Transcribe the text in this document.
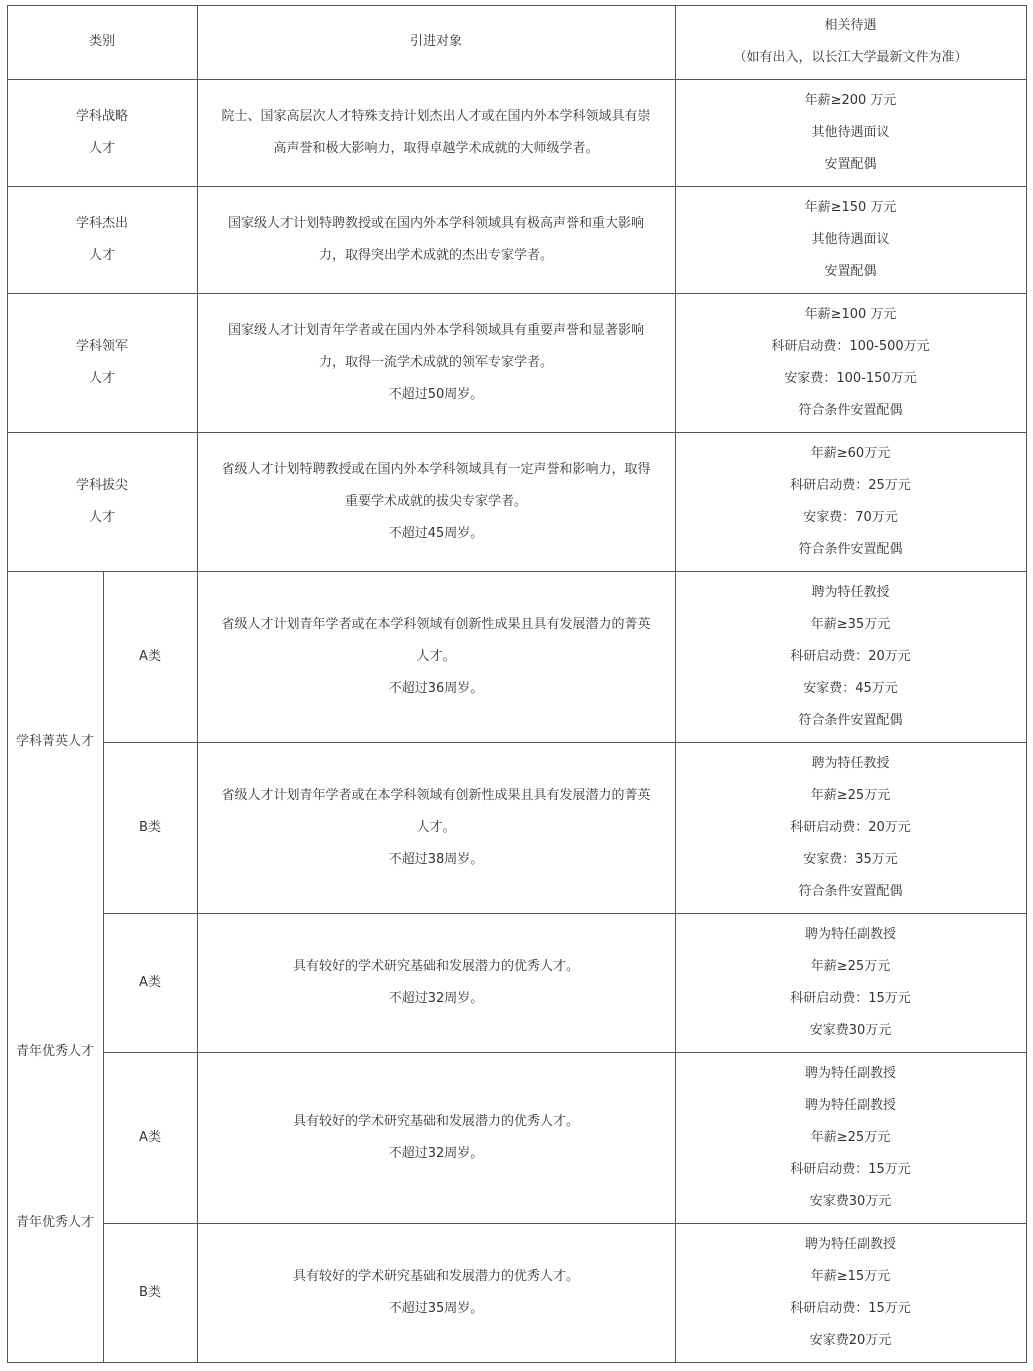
类别	引进对象
相关待遇
（如有出入，以长江大学最新文件为准）
学科战略
人才
院士、国家高层次人才特殊支持计划杰出人才或在国内外本学科领域具有崇
高声誉和极大影响力，取得卓越学术成就的大师级学者。
年薪≥200 万元
其他待遇面议
安置配偶
学科杰出
人才
国家级人才计划特聘教授或在国内外本学科领域具有极高声誉和重大影响
力，取得突出学术成就的杰出专家学者。
年薪≥150 万元
其他待遇面议
安置配偶
学科领军
人才
国家级人才计划青年学者或在国内外本学科领域具有重要声誉和显著影响
力，取得一流学术成就的领军专家学者。
不超过50周岁。
年薪≥100 万元
科研启动费：100-500万元
安家费：100-150万元
符合条件安置配偶
学科拔尖
人才
省级人才计划特聘教授或在国内外本学科领域具有一定声誉和影响力，取得
重要学术成就的拔尖专家学者。
不超过45周岁。
年薪≥60万元
科研启动费：25万元
安家费：70万元
符合条件安置配偶
A类
省级人才计划青年学者或在本学科领域有创新性成果且具有发展潜力的菁英
人才。
不超过36周岁。
聘为特任教授
年薪≥35万元
科研启动费：20万元
安家费：45万元
符合条件安置配偶
B类
省级人才计划青年学者或在本学科领域有创新性成果且具有发展潜力的菁英
人才。
不超过38周岁。
聘为特任教授
年薪≥25万元
科研启动费：20万元
安家费：35万元
符合条件安置配偶
A类
具有较好的学术研究基础和发展潜力的优秀人才。
不超过32周岁。
聘为特任副教授
年薪≥25万元
科研启动费：15万元
安家费30万元
A类
具有较好的学术研究基础和发展潜力的优秀人才。
不超过32周岁。
聘为特任副教授
聘为特任副教授
年薪≥25万元
科研启动费：15万元
安家费30万元
B类
具有较好的学术研究基础和发展潜力的优秀人才。
不超过35周岁。
聘为特任副教授
年薪≥15万元
科研启动费：15万元
安家费20万元
学科菁英人才
青年优秀人才
青年优秀人才
